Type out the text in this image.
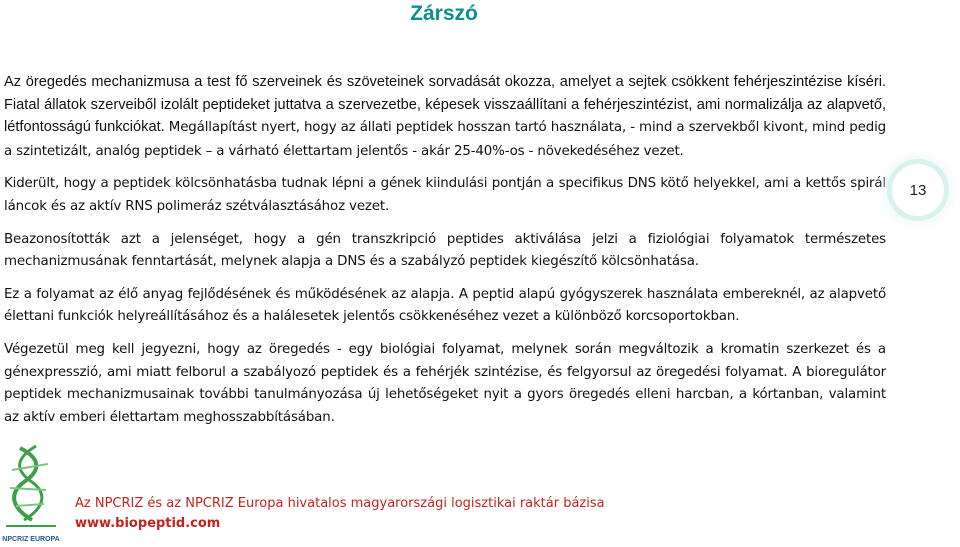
Zárszó

Az öregedés mechanizmusa a test fő szerveinek és szöveteinek sorvadását okozza, amelyet a sejtek csökkent fehérjeszintézise kíséri. Fiatal állatok szerveiből izolált peptideket juttatva a szervezetbe, képesek visszaállítani a fehérjeszintézist, ami normalizálja az alapvető, létfontosságú funkciókat. Megállapítást nyert, hogy az állati peptidek hosszan tartó használata, - mind a szervekből kivont, mind pedig a szintetizált, analóg peptidek – a várható élettartam jelentős - akár 25-40%-os - növekedéséhez vezet.

Kiderült, hogy a peptidek kölcsönhatásba tudnak lépni a gének kiindulási pontján a specifikus DNS kötő helyekkel, ami a kettős spirál láncok és az aktív RNS polimeráz szétválasztásához vezet.

Beazonosították azt a jelenséget, hogy a gén transzkripció peptides aktiválása jelzi a fiziológiai folyamatok természetes mechanizmusának fenntartását, melynek alapja a DNS és a szabályzó peptidek kiegészítő kölcsönhatása.

Ez a folyamat az élő anyag fejlődésének és működésének az alapja. A peptid alapú gyógyszerek használata embereknél, az alapvető élettani funkciók helyreállításához és a halálesetek jelentős csökkenéséhez vezet a különböző korcsoportokban.

Végezetül meg kell jegyezni, hogy az öregedés - egy biológiai folyamat, melynek során megváltozik a kromatin szerkezet és a génexpresszió, ami miatt felborul a szabályozó peptidek és a fehérjék szintézise, és felgyorsul az öregedési folyamat. A bioregulátor peptidek mechanizmusainak további tanulmányozása új lehetőségeket nyit a gyors öregedés elleni harcban, a kórtanban, valamint az aktív emberi élettartam meghosszabbításában.

13
NPCRIZ EUROPA
Az NPCRIZ és az NPCRIZ Europa hivatalos magyarországi logisztikai raktár bázisa
www.biopeptid.com
